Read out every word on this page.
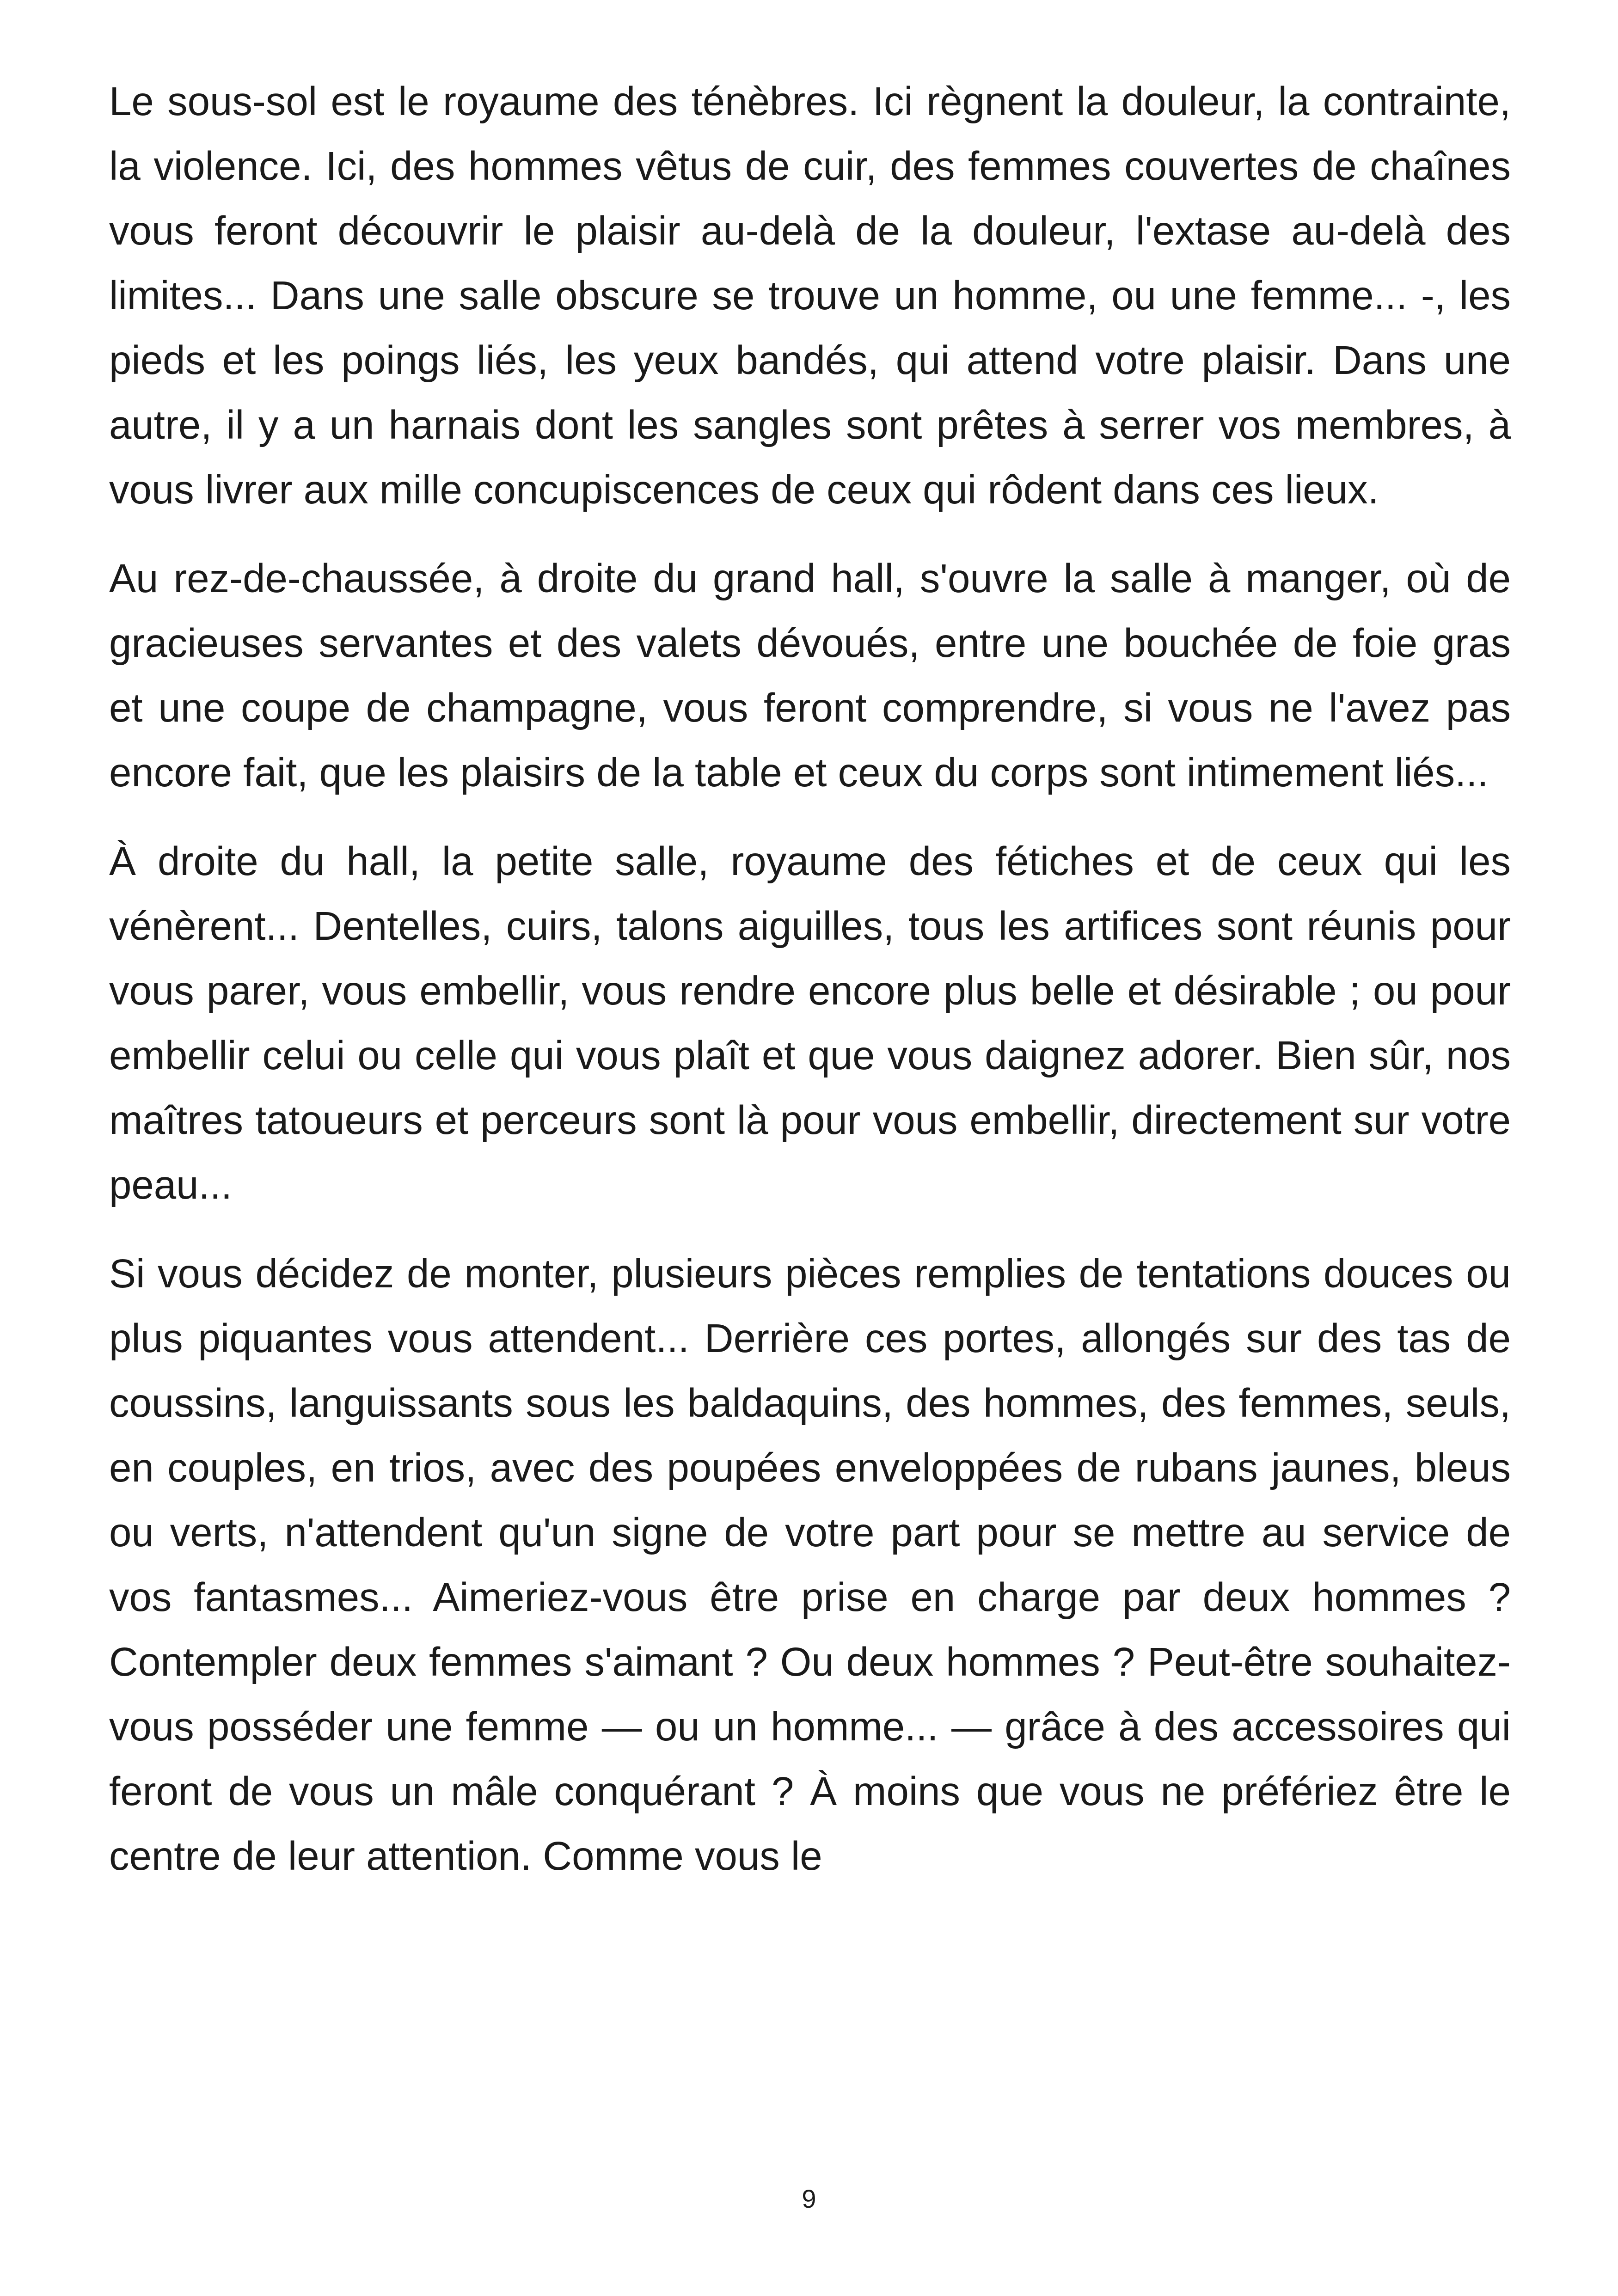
Le sous-sol est le royaume des ténèbres. Ici règnent la douleur, la contrainte, la violence. Ici, des hommes vêtus de cuir, des femmes couvertes de chaînes vous feront découvrir le plaisir au-delà de la douleur, l'extase au-delà des limites... Dans une salle obscure se trouve un homme, ou une femme... -, les pieds et les poings liés, les yeux bandés, qui attend votre plaisir. Dans une autre, il y a un harnais dont les sangles sont prêtes à serrer vos membres, à vous livrer aux mille concupiscences de ceux qui rôdent dans ces lieux.

Au rez-de-chaussée, à droite du grand hall, s'ouvre la salle à manger, où de gracieuses servantes et des valets dévoués, entre une bouchée de foie gras et une coupe de champagne, vous feront comprendre, si vous ne l'avez pas encore fait, que les plaisirs de la table et ceux du corps sont intimement liés...

À droite du hall, la petite salle, royaume des fétiches et de ceux qui les vénèrent... Dentelles, cuirs, talons aiguilles, tous les artifices sont réunis pour vous parer, vous embellir, vous rendre encore plus belle et désirable ; ou pour embellir celui ou celle qui vous plaît et que vous daignez adorer. Bien sûr, nos maîtres tatoueurs et perceurs sont là pour vous embellir, directement sur votre peau...

Si vous décidez de monter, plusieurs pièces remplies de tentations douces ou plus piquantes vous attendent... Derrière ces portes, allongés sur des tas de coussins, languissants sous les baldaquins, des hommes, des femmes, seuls, en couples, en trios, avec des poupées enveloppées de rubans jaunes, bleus ou verts, n'attendent qu'un signe de votre part pour se mettre au service de vos fantasmes... Aimeriez-vous être prise en charge par deux hommes ? Contempler deux femmes s'aimant ? Ou deux hommes ? Peut-être souhaitez-vous posséder une femme — ou un homme... — grâce à des accessoires qui feront de vous un mâle conquérant ? À moins que vous ne préfériez être le centre de leur attention. Comme vous le

9
